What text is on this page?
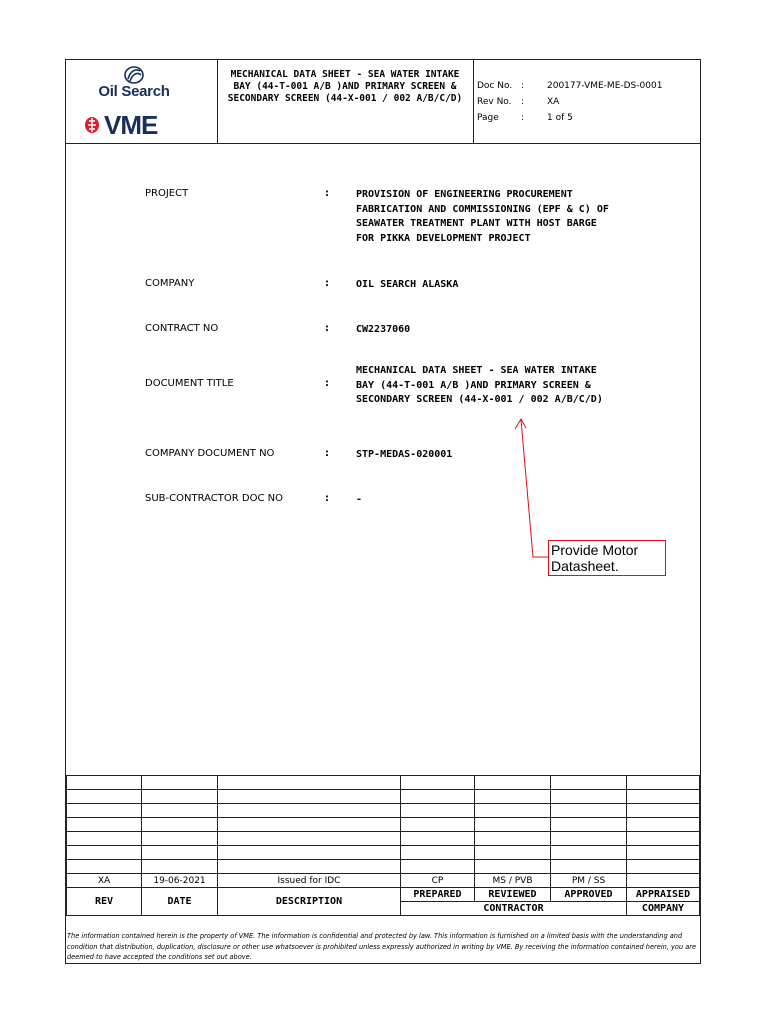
Oil Search
VME
MECHANICAL DATA SHEET - SEA WATER INTAKE BAY (44-T-001 A/B )AND PRIMARY SCREEN & SECONDARY SCREEN (44-X-001 / 002 A/B/C/D)
Doc No. :	200177-VME-ME-DS-0001
Rev No.	:	XA
Page	:	1 of 5
PROJECT	:	PROVISION OF ENGINEERING PROCUREMENT FABRICATION AND COMMISSIONING (EPF & C) OF SEAWATER TREATMENT PLANT WITH HOST BARGE FOR PIKKA DEVELOPMENT PROJECT
COMPANY	:	OIL SEARCH ALASKA
CONTRACT NO	:	CW2237060
DOCUMENT TITLE	:
MECHANICAL DATA SHEET - SEA WATER INTAKE BAY (44-T-001 A/B )AND PRIMARY SCREEN & SECONDARY SCREEN (44-X-001 / 002 A/B/C/D)
COMPANY DOCUMENT NO	:	STP-MEDAS-020001
SUB-CONTRACTOR DOC NO	:	-
Provide Motor
Datasheet.

XA	19-06-2021	Issued for IDC	CP	MS / PVB	PM / SS	
REV	DATE	DESCRIPTION	PREPARED	REVIEWED	APPROVED	APPRAISED
			CONTRACTOR			COMPANY
The information contained herein is the property of VME. The information is confidential and protected by law. This information is furnished on a limited basis with the understanding and condition that distribution, duplication, disclosure or other use whatsoever is prohibited unless expressly authorized in writing by VME. By receiving the information contained herein, you are deemed to have accepted the conditions set out above.
